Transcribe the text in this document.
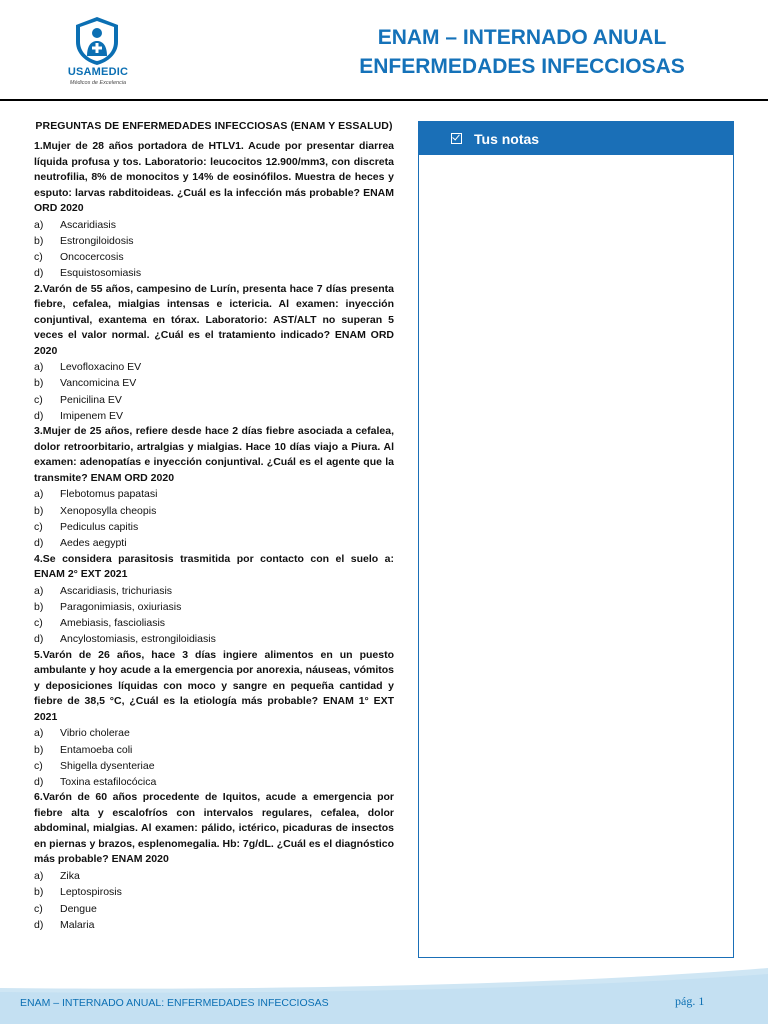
USAMEDIC
Médicos de Excelencia
ENAM – INTERNADO ANUAL
ENFERMEDADES INFECCIOSAS
PREGUNTAS DE ENFERMEDADES INFECCIOSAS (ENAM Y ESSALUD)

1.Mujer de 28 años portadora de HTLV1. Acude por presentar diarrea líquida profusa y tos. Laboratorio: leucocitos 12.900/mm3, con discreta neutrofilia, 8% de monocitos y 14% de eosinófilos. Muestra de heces y esputo: larvas rabditoideas. ¿Cuál es la infección más probable? ENAM ORD 2020

a)	Ascaridiasis
b)	Estrongiloidosis
c)	Oncocercosis
d)	Esquistosomiasis

2.Varón de 55 años, campesino de Lurín, presenta hace 7 días presenta fiebre, cefalea, mialgias intensas e ictericia. Al examen: inyección conjuntival, exantema en tórax. Laboratorio: AST/ALT no superan 5 veces el valor normal. ¿Cuál es el tratamiento indicado? ENAM ORD 2020

a)	Levofloxacino EV
b)	Vancomicina EV
c)	Penicilina EV
d)	Imipenem EV

3.Mujer de 25 años, refiere desde hace 2 días fiebre asociada a cefalea, dolor retroorbitario, artralgias y mialgias. Hace 10 días viajo a Piura. Al examen: adenopatías e inyección conjuntival. ¿Cuál es el agente que la transmite? ENAM ORD 2020

a)	Flebotomus papatasi
b)	Xenoposylla cheopis
c)	Pediculus capitis
d)	Aedes aegypti

4.Se considera parasitosis trasmitida por contacto con el suelo a: ENAM 2° EXT 2021

a)	Ascaridiasis, trichuriasis
b)	Paragonimiasis, oxiuriasis
c)	Amebiasis, fascioliasis
d)	Ancylostomiasis, estrongiloidiasis

5.Varón de 26 años, hace 3 días ingiere alimentos en un puesto ambulante y hoy acude a la emergencia por anorexia, náuseas, vómitos y deposiciones líquidas con moco y sangre en pequeña cantidad y fiebre de 38,5 °C, ¿Cuál es la etiología más probable? ENAM 1° EXT 2021

a)	Vibrio cholerae
b)	Entamoeba coli
c)	Shigella dysenteriae
d)	Toxina estafilocócica

6.Varón de 60 años procedente de Iquitos, acude a emergencia por fiebre alta y escalofríos con intervalos regulares, cefalea, dolor abdominal, mialgias. Al examen: pálido, ictérico, picaduras de insectos en piernas y brazos, esplenomegalia. Hb: 7g/dL. ¿Cuál es el diagnóstico más probable? ENAM 2020

a)	Zika
b)	Leptospirosis
c)	Dengue
d)	Malaria
Tus notas
ENAM – INTERNADO ANUAL: ENFERMEDADES INFECCIOSAS	pág. 1
